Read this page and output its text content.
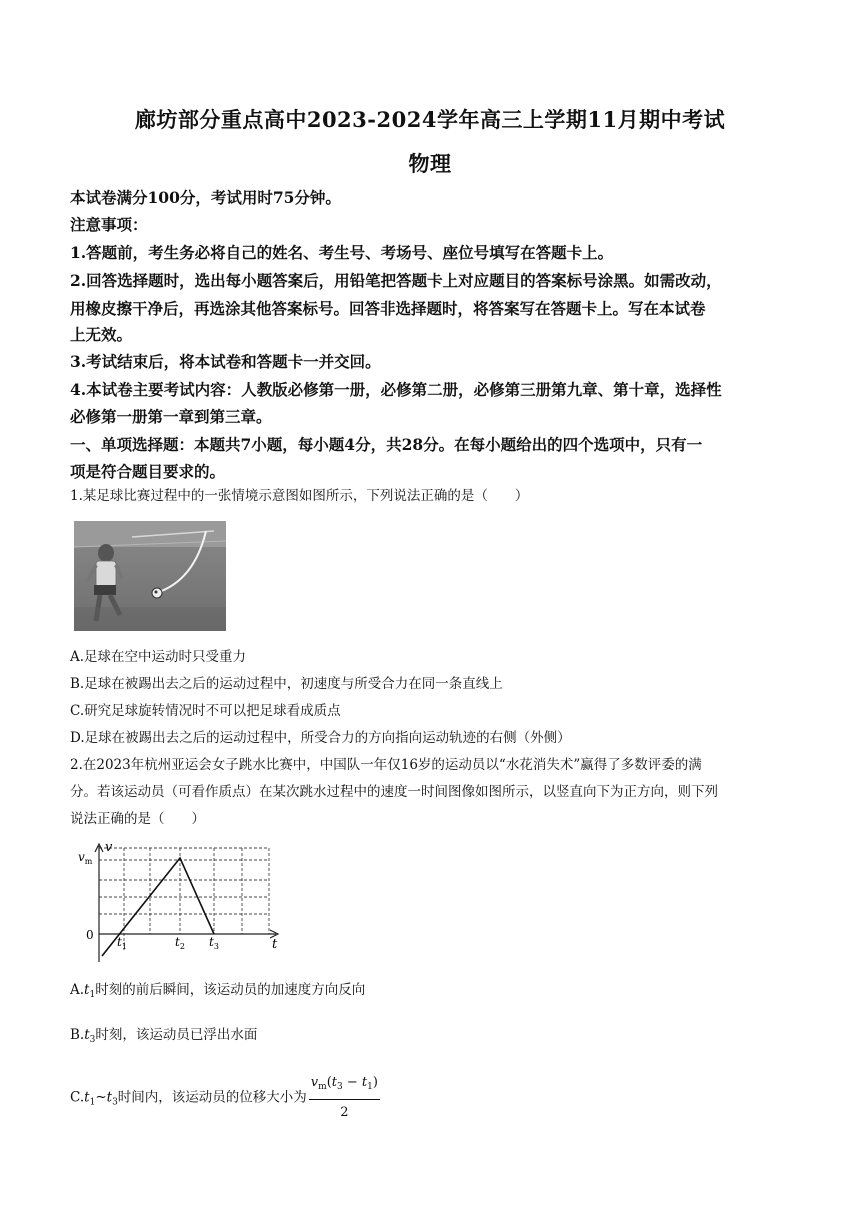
廊坊部分重点高中2023-2024学年高三上学期11月期中考试
物理
本试卷满分100分，考试用时75分钟。
注意事项：
1.答题前，考生务必将自己的姓名、考生号、考场号、座位号填写在答题卡上。
2.回答选择题时，选出每小题答案后，用铅笔把答题卡上对应题目的答案标号涂黑。如需改动，
用橡皮擦干净后，再选涂其他答案标号。回答非选择题时，将答案写在答题卡上。写在本试卷
上无效。
3.考试结束后，将本试卷和答题卡一并交回。
4.本试卷主要考试内容：人教版必修第一册，必修第二册，必修第三册第九章、第十章，选择性
必修第一册第一章到第三章。
一、单项选择题：本题共7小题，每小题4分，共28分。在每小题给出的四个选项中，只有一
项是符合题目要求的。
1.某足球比赛过程中的一张情境示意图如图所示，下列说法正确的是（　　）
A.足球在空中运动时只受重力
B.足球在被踢出去之后的运动过程中，初速度与所受合力在同一条直线上
C.研究足球旋转情况时不可以把足球看成质点
D.足球在被踢出去之后的运动过程中，所受合力的方向指向运动轨迹的右侧（外侧）
2.在2023年杭州亚运会女子跳水比赛中，中国队一年仅16岁的运动员以“水花消失术”赢得了多数评委的满
分。若该运动员（可看作质点）在某次跳水过程中的速度一时间图像如图所示，以竖直向下为正方向，则下列
说法正确的是（　　）
v
$v_m$
0
t
$t_1$	$t_2$ $t_3$
$A.t_1$时刻的前后瞬间，该运动员的加速度方向反向
$B.t_3$时刻，该运动员已浮出水面
$C.t_1\sim t_3$时间内，该运动员的位移大小为 $\frac{v_m(t_3 - t_1)}{2}$
